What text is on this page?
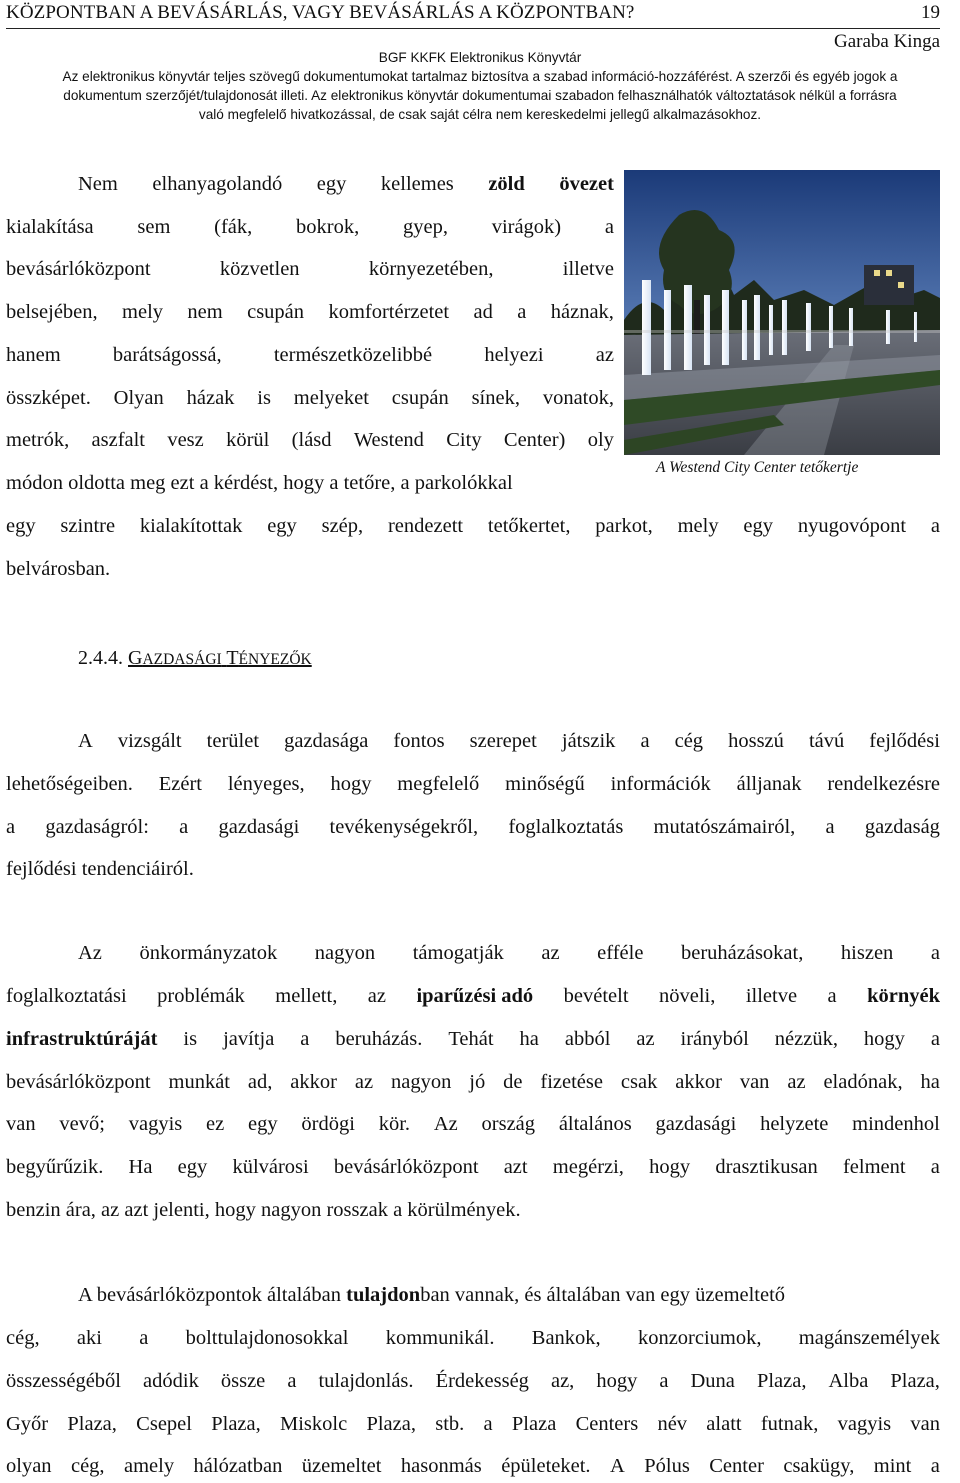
KÖZPONTBAN A BEVÁSÁRLÁS, VAGY BEVÁSÁRLÁS A KÖZPONTBAN?	19
Garaba Kinga
BGF KKFK Elektronikus Könyvtár
Az elektronikus könyvtár teljes szövegű dokumentumokat tartalmaz biztosítva a szabad információ-hozzáférést. A szerzői és egyéb jogok a
dokumentum szerzőjét/tulajdonosát illeti. Az elektronikus könyvtár dokumentumai szabadon felhasználhatók változtatások nélkül a forrásra
való megfelelő hivatkozással, de csak saját célra nem kereskedelmi jellegű alkalmazásokhoz.
A Westend City Center tetőkertje
Nem elhanyagolandó egy kellemes zöld övezet
kialakítása sem (fák, bokrok, gyep, virágok) a
bevásárlóközpont	közvetlen	környezetében,	illetve
belsejében, mely nem csupán komfortérzetet ad a háznak,
hanem	barátságossá,	természetközelibbé	helyezi	az
összképet. Olyan házak is melyeket csupán sínek, vonatok,
metrók, aszfalt vesz körül (lásd Westend City Center) oly
módon oldotta meg ezt a kérdést, hogy a tetőre, a parkolókkal
egy szintre kialakítottak egy szép, rendezett tetőkertet, parkot, mely egy nyugovópont a
belvárosban.
2.4.4. GAZDASÁGI TÉNYEZŐK
A vizsgált terület gazdasága fontos szerepet játszik a cég hosszú távú fejlődési
lehetőségeiben. Ezért lényeges, hogy megfelelő minőségű információk álljanak rendelkezésre
a gazdaságról: a gazdasági tevékenységekről, foglalkoztatás mutatószámairól, a gazdaság
fejlődési tendenciáiról.
Az önkormányzatok nagyon támogatják az efféle beruházásokat, hiszen a
foglalkoztatási problémák mellett, az iparűzési adó bevételt növeli, illetve a környék
infrastruktúráját is javítja a beruházás. Tehát ha abból az irányból nézzük, hogy a
bevásárlóközpont munkát ad, akkor az nagyon jó de fizetése csak akkor van az eladónak, ha
van vevő; vagyis ez egy ördögi kör. Az ország általános gazdasági helyzete mindenhol
begyűrűzik. Ha egy külvárosi bevásárlóközpont azt megérzi, hogy drasztikusan felment a
benzin ára, az azt jelenti, hogy nagyon rosszak a körülmények.
A bevásárlóközpontok általában tulajdonban vannak, és általában van egy üzemeltető
cég, aki a bolttulajdonosokkal kommunikál. Bankok, konzorciumok, magánszemélyek
összességéből adódik össze a tulajdonlás. Érdekesség az, hogy a Duna Plaza, Alba Plaza,
Győr Plaza, Csepel Plaza, Miskolc Plaza, stb. a Plaza Centers név alatt futnak, vagyis van
olyan cég, amely hálózatban üzemeltet hasonmás épületeket. A Pólus Center csakügy, mint a
